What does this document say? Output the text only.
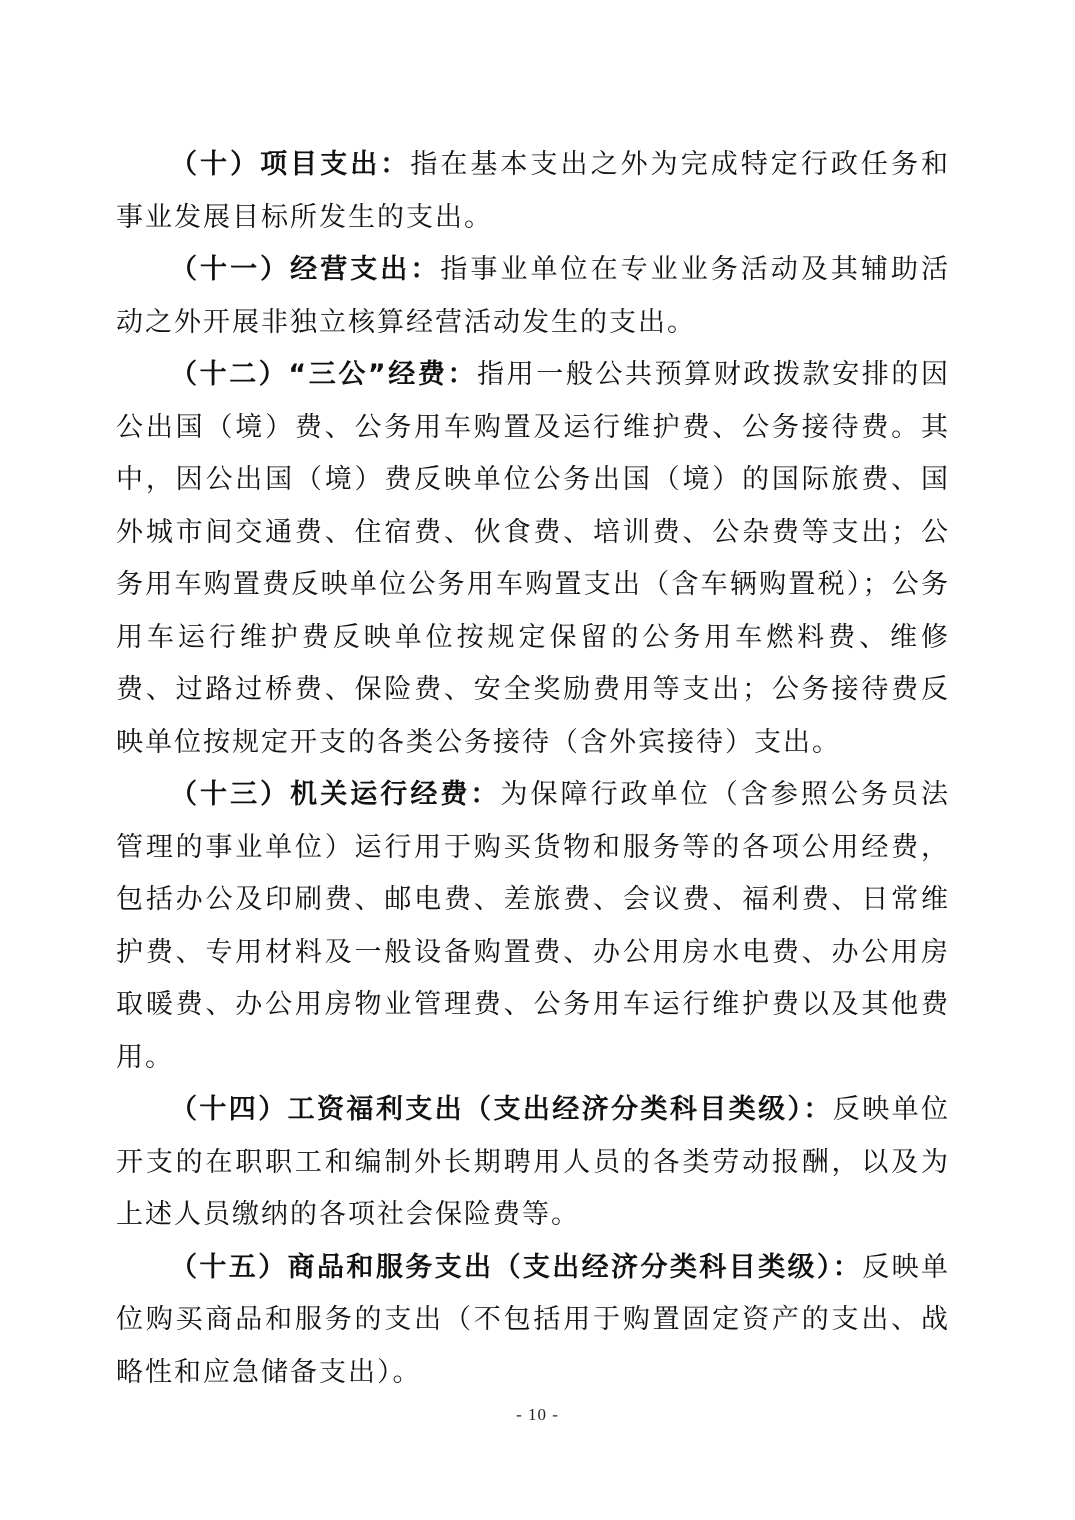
（十）项目支出：指在基本支出之外为完成特定行政任务和事业发展目标所发生的支出。

（十一）经营支出：指事业单位在专业业务活动及其辅助活动之外开展非独立核算经营活动发生的支出。

（十二）“三公”经费：指用一般公共预算财政拨款安排的因公出国（境）费、公务用车购置及运行维护费、公务接待费。其中，因公出国（境）费反映单位公务出国（境）的国际旅费、国外城市间交通费、住宿费、伙食费、培训费、公杂费等支出；公务用车购置费反映单位公务用车购置支出（含车辆购置税）；公务用车运行维护费反映单位按规定保留的公务用车燃料费、维修费、过路过桥费、保险费、安全奖励费用等支出；公务接待费反映单位按规定开支的各类公务接待（含外宾接待）支出。

（十三）机关运行经费：为保障行政单位（含参照公务员法管理的事业单位）运行用于购买货物和服务等的各项公用经费，包括办公及印刷费、邮电费、差旅费、会议费、福利费、日常维护费、专用材料及一般设备购置费、办公用房水电费、办公用房取暖费、办公用房物业管理费、公务用车运行维护费以及其他费用。

（十四）工资福利支出（支出经济分类科目类级）：反映单位开支的在职职工和编制外长期聘用人员的各类劳动报酬，以及为上述人员缴纳的各项社会保险费等。

（十五）商品和服务支出（支出经济分类科目类级）：反映单位购买商品和服务的支出（不包括用于购置固定资产的支出、战略性和应急储备支出）。

- 10 -
